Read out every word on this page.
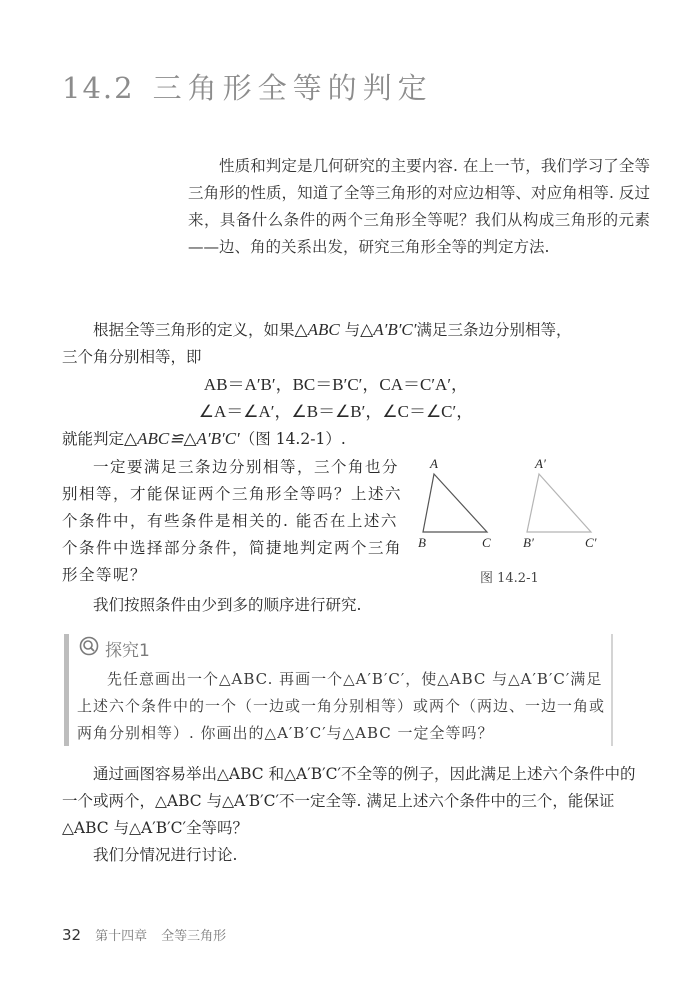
14.2 三角形全等的判定

性质和判定是几何研究的主要内容. 在上一节，我们学习了全等三角形的性质，知道了全等三角形的对应边相等、对应角相等. 反过来，具备什么条件的两个三角形全等呢？我们从构成三角形的元素——边、角的关系出发，研究三角形全等的判定方法.

根据全等三角形的定义，如果△ABC 与△A′B′C′满足三条边分别相等，

三个角分别相等，即

AB＝A′B′，BC＝B′C′，CA＝C′A′，
∠A＝∠A′，∠B＝∠B′，∠C＝∠C′，

就能判定△ABC≌△A′B′C′（图 14.2-1）.

一定要满足三条边分别相等，三个角也分别相等，才能保证两个三角形全等吗？上述六个条件中，有些条件是相关的. 能否在上述六个条件中选择部分条件，简捷地判定两个三角形全等呢？

我们按照条件由少到多的顺序进行研究.

A
B	C
A′
B′	C′
图 14.2-1
探究1

先任意画出一个△ABC. 再画一个△A′B′C′，使△ABC 与△A′B′C′满足上述六个条件中的一个（一边或一角分别相等）或两个（两边、一边一角或两角分别相等）. 你画出的△A′B′C′与△ABC 一定全等吗？

通过画图容易举出△ABC 和△A′B′C′不全等的例子，因此满足上述六个条件中的一个或两个，△ABC 与△A′B′C′不一定全等. 满足上述六个条件中的三个，能保证△ABC 与△A′B′C′全等吗？

我们分情况进行讨论.

32 第十四章 全等三角形
